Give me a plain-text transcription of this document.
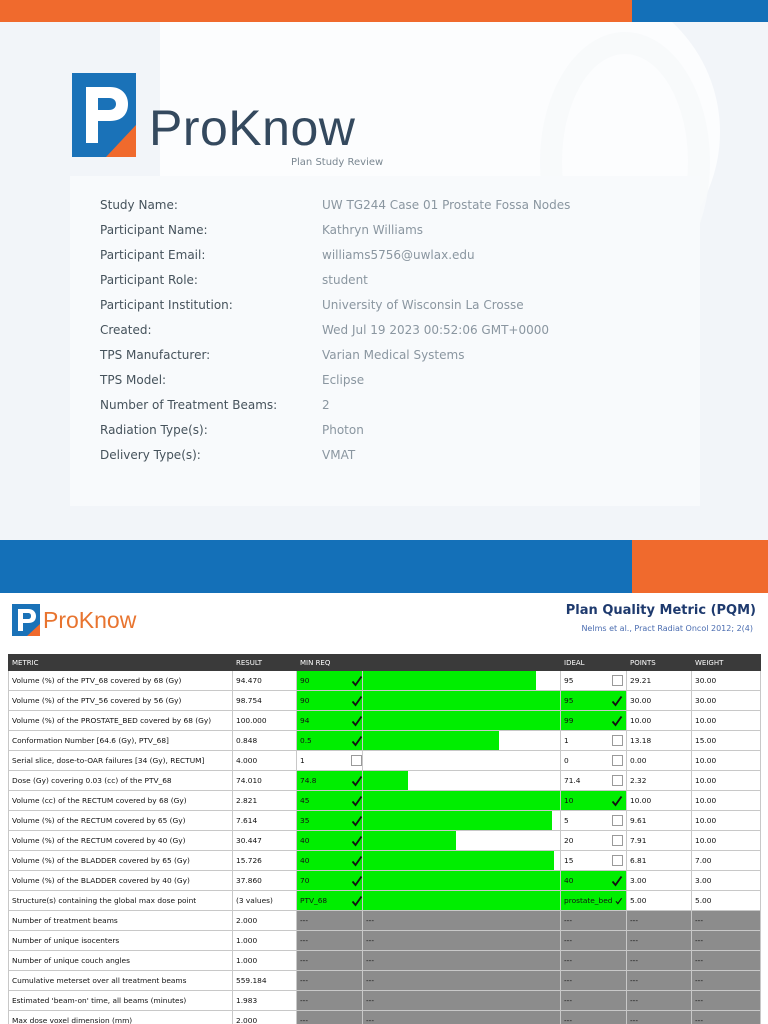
ProKnow
Plan Study Review
Study Name:	UW TG244 Case 01 Prostate Fossa Nodes
Participant Name:	Kathryn Williams
Participant Email:	williams5756@uwlax.edu
Participant Role:	student
Participant Institution:	University of Wisconsin La Crosse
Created:	Wed Jul 19 2023 00:52:06 GMT+0000
TPS Manufacturer:	Varian Medical Systems
TPS Model:	Eclipse
Number of Treatment Beams:	2
Radiation Type(s):	Photon
Delivery Type(s):	VMAT
ProKnow	Plan Quality Metric (PQM)
Nelms et al., Pract Radiat Oncol 2012; 2(4)
METRIC	RESULT	MIN REQ		IDEAL	POINTS	WEIGHT
Volume (%) of the PTV_68 covered by 68 (Gy)	94.470	90		95	29.21	30.00
Volume (%) of the PTV_56 covered by 56 (Gy)	98.754	90		95	30.00	30.00
Volume (%) of the PROSTATE_BED covered by 68 (Gy)	100.000	94		99	10.00	10.00
Conformation Number [64.6 (Gy), PTV_68]	0.848	0.5		1	13.18	15.00
Serial slice, dose-to-OAR failures [34 (Gy), RECTUM]	4.000	1		0	0.00	10.00
Dose (Gy) covering 0.03 (cc) of the PTV_68	74.010	74.8		71.4	2.32	10.00
Volume (cc) of the RECTUM covered by 68 (Gy)	2.821	45		10	10.00	10.00
Volume (%) of the RECTUM covered by 65 (Gy)	7.614	35		5	9.61	10.00
Volume (%) of the RECTUM covered by 40 (Gy)	30.447	40		20	7.91	10.00
Volume (%) of the BLADDER covered by 65 (Gy)	15.726	40		15	6.81	7.00
Volume (%) of the BLADDER covered by 40 (Gy)	37.860	70		40	3.00	3.00
Structure(s) containing the global max dose point	(3 values)	PTV_68		prostate_bed	5.00	5.00
Number of treatment beams	2.000	---	---	---	---	---
Number of unique isocenters	1.000	---	---	---	---	---
Number of unique couch angles	1.000	---	---	---	---	---
Cumulative meterset over all treatment beams	559.184	---	---	---	---	---
Estimated 'beam-on' time, all beams (minutes)	1.983	---	---	---	---	---
Max dose voxel dimension (mm)	2.000	---	---	---	---	---
